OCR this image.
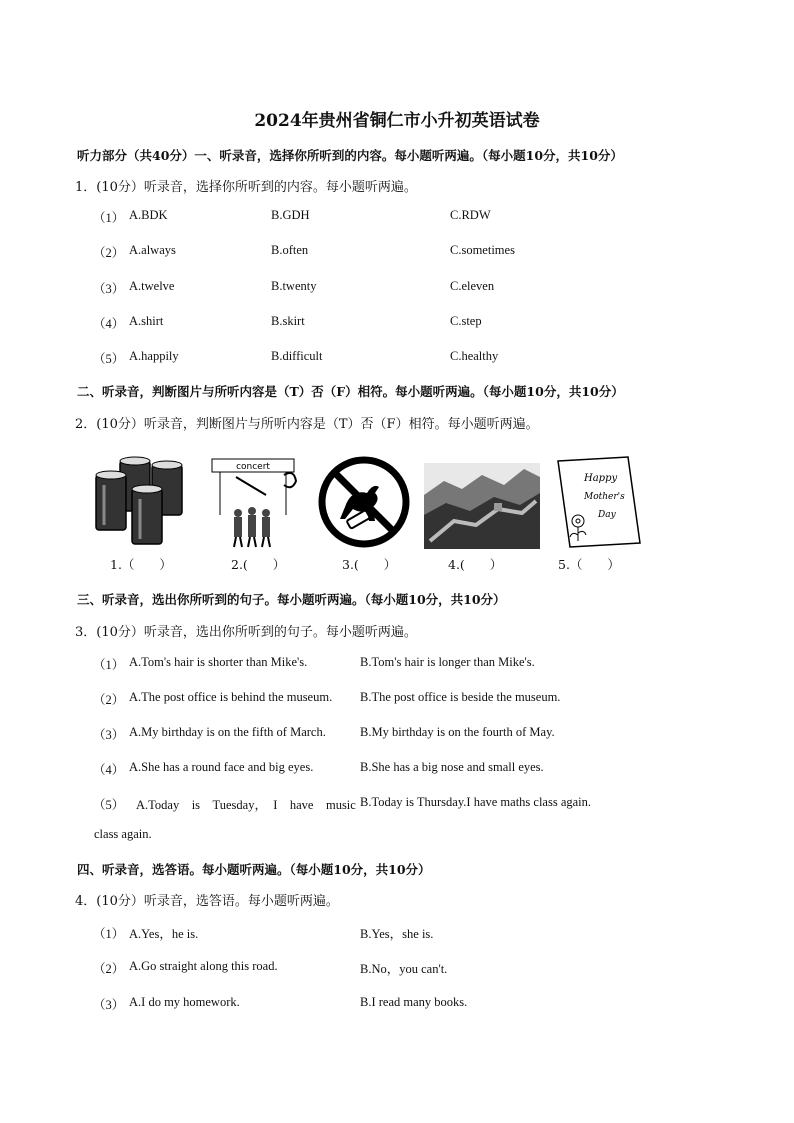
2024年贵州省铜仁市小升初英语试卷
听力部分（共40分）一、听录音，选择你所听到的内容。每小题听两遍。（每小题10分，共10分）
1．(10分）听录音，选择你所听到的内容。每小题听两遍。
（1） A.BDK	B.GDH	C.RDW
（2） A.always	B.often	C.sometimes
（3） A.twelve	B.twenty	C.eleven
（4） A.shirt	B.skirt	C.step
（5） A.happily	B.difficult	C.healthy
二、听录音，判断图片与所听内容是（T）否（F）相符。每小题听两遍。（每小题10分，共10分）
2．(10分）听录音，判断图片与所听内容是（T）否（F）相符。每小题听两遍。
concert
Happy
Mother's
Day
1.（　　）	2.(　　）	3.(　　）	4.(　　）	5.（　　）
三、听录音，选出你所听到的句子。每小题听两遍。（每小题10分，共10分）
3．(10分）听录音，选出你所听到的句子。每小题听两遍。
（1） A.Tom's hair is shorter than Mike's.	B.Tom's hair is longer than Mike's.
（2） A.The post office is behind the museum. B.The post office is beside the museum.
（3） A.My birthday is on the fifth of March.	B.My birthday is on the fourth of May.
（4） A.She has a round face and big eyes.	B.She has a big nose and small eyes.
（5） A.Today　is　Tuesday，　I　have　music B.Today is Thursday.I have maths class again.
class again.
四、听录音，选答语。每小题听两遍。（每小题10分，共10分）
4．(10分）听录音，选答语。每小题听两遍。
（1） A.Yes，he is.	B.Yes，she is.
（2） A.Go straight along this road.	B.No，you can't.
（3） A.I do my homework.	B.I read many books.
